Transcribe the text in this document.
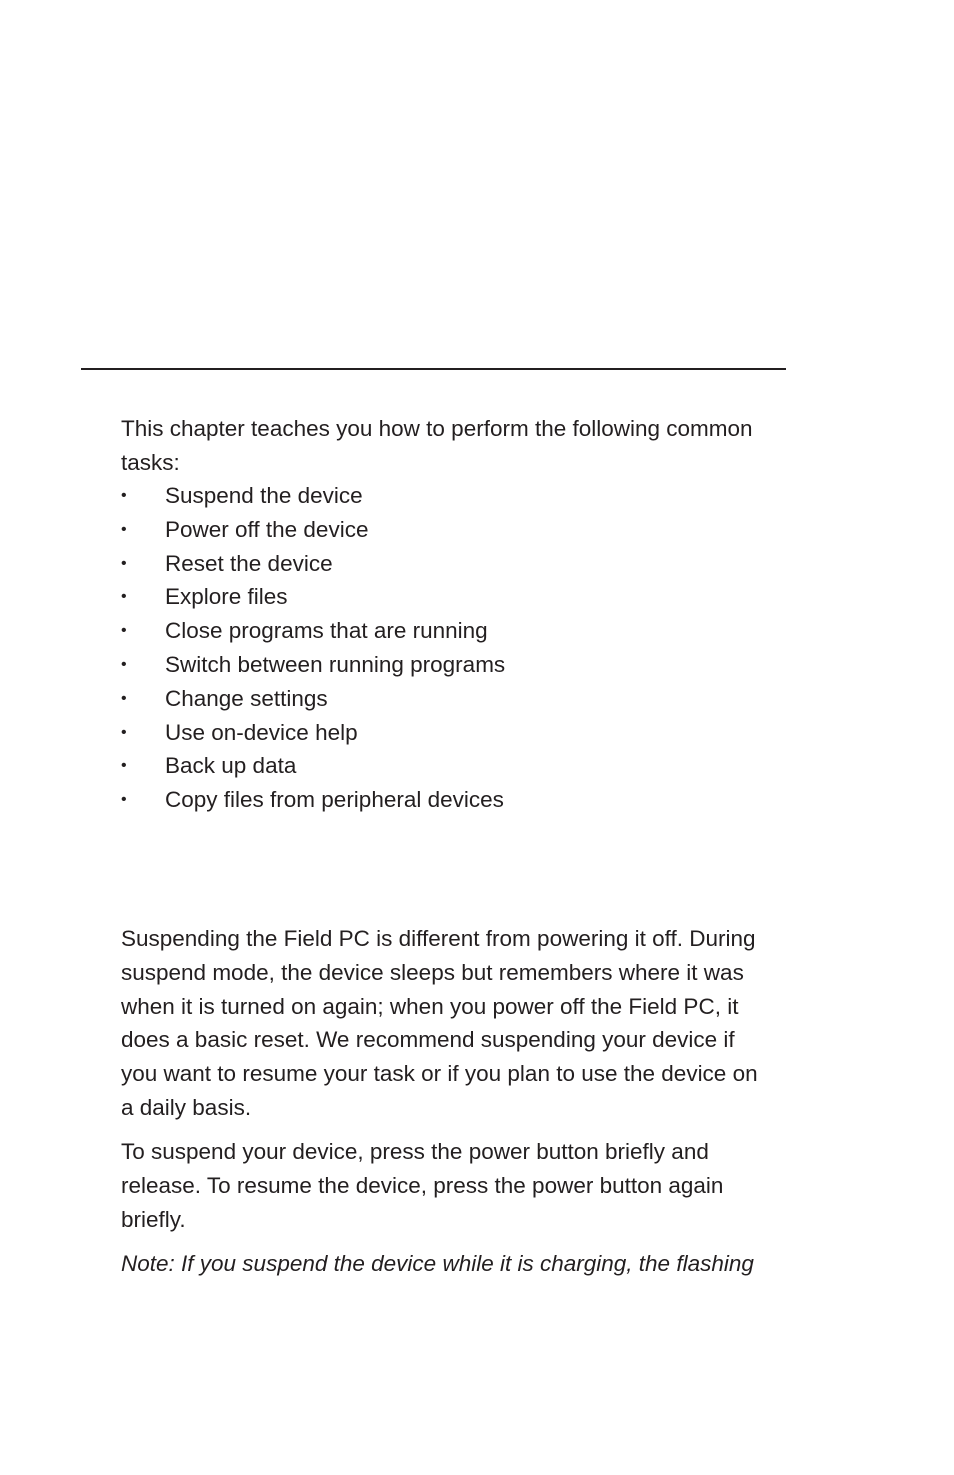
This chapter teaches you how to perform the following common tasks:

• Suspend the device
• Power off the device
• Reset the device
• Explore files
• Close programs that are running
• Switch between running programs
• Change settings
• Use on-device help
• Back up data
• Copy files from peripheral devices

Suspending the Field PC is different from powering it off. During suspend mode, the device sleeps but remembers where it was when it is turned on again; when you power off the Field PC, it does a basic reset. We recommend suspending your device if you want to resume your task or if you plan to use the device on a daily basis.

To suspend your device, press the power button briefly and release. To resume the device, press the power button again briefly.

Note: If you suspend the device while it is charging, the flashing
